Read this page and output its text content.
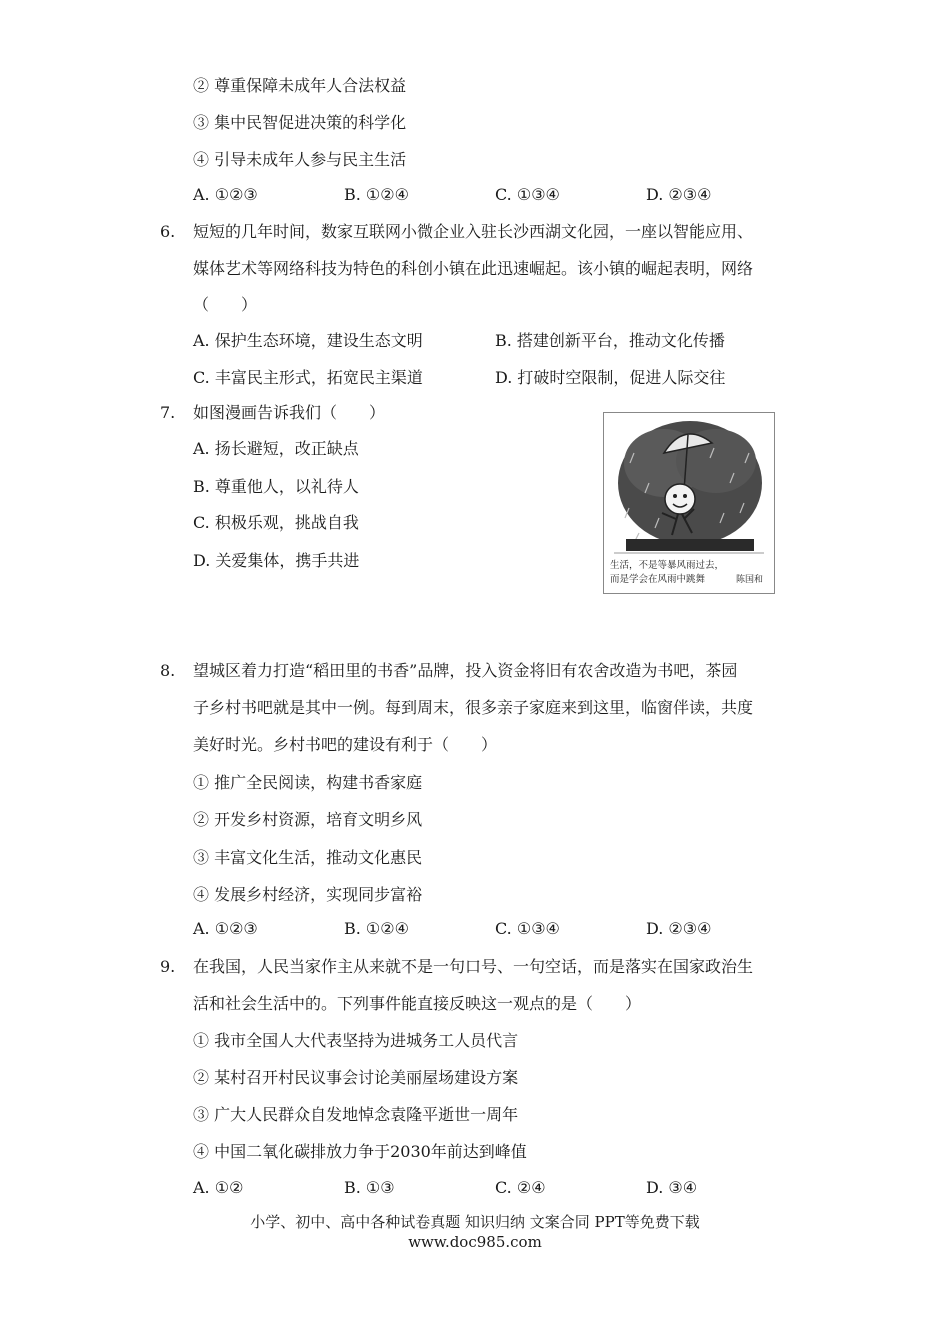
② 尊重保障未成年人合法权益
③ 集中民智促进决策的科学化
④ 引导未成年人参与民主生活
A. ①②③	B. ①②④	C. ①③④	D. ②③④
6.	短短的几年时间，数家互联网小微企业入驻长沙西湖文化园，一座以智能应用、
媒体艺术等网络科技为特色的科创小镇在此迅速崛起。该小镇的崛起表明，网络
（　　）
A. 保护生态环境，建设生态文明	B. 搭建创新平台，推动文化传播
C. 丰富民主形式，拓宽民主渠道	D. 打破时空限制，促进人际交往
7.	如图漫画告诉我们（　　）
A. 扬长避短，改正缺点
B. 尊重他人，以礼待人
C. 积极乐观，挑战自我
D. 关爱集体，携手共进	生活，不是等暴风雨过去，
而是学会在风雨中跳舞	陈国和
8.	望城区着力打造“稻田里的书香”品牌，投入资金将旧有农舍改造为书吧，茶园
子乡村书吧就是其中一例。每到周末，很多亲子家庭来到这里，临窗伴读，共度
美好时光。乡村书吧的建设有利于（　　）
① 推广全民阅读，构建书香家庭
② 开发乡村资源，培育文明乡风
③ 丰富文化生活，推动文化惠民
④ 发展乡村经济，实现同步富裕
A. ①②③	B. ①②④	C. ①③④	D. ②③④
9.	在我国，人民当家作主从来就不是一句口号、一句空话，而是落实在国家政治生
活和社会生活中的。下列事件能直接反映这一观点的是（　　）
① 我市全国人大代表坚持为进城务工人员代言
② 某村召开村民议事会讨论美丽屋场建设方案
③ 广大人民群众自发地悼念袁隆平逝世一周年
④ 中国二氧化碳排放力争于2030年前达到峰值
A. ①②	B. ①③	C. ②④	D. ③④
小学、初中、高中各种试卷真题 知识归纳 文案合同 PPT等免费下载
www.doc985.com
